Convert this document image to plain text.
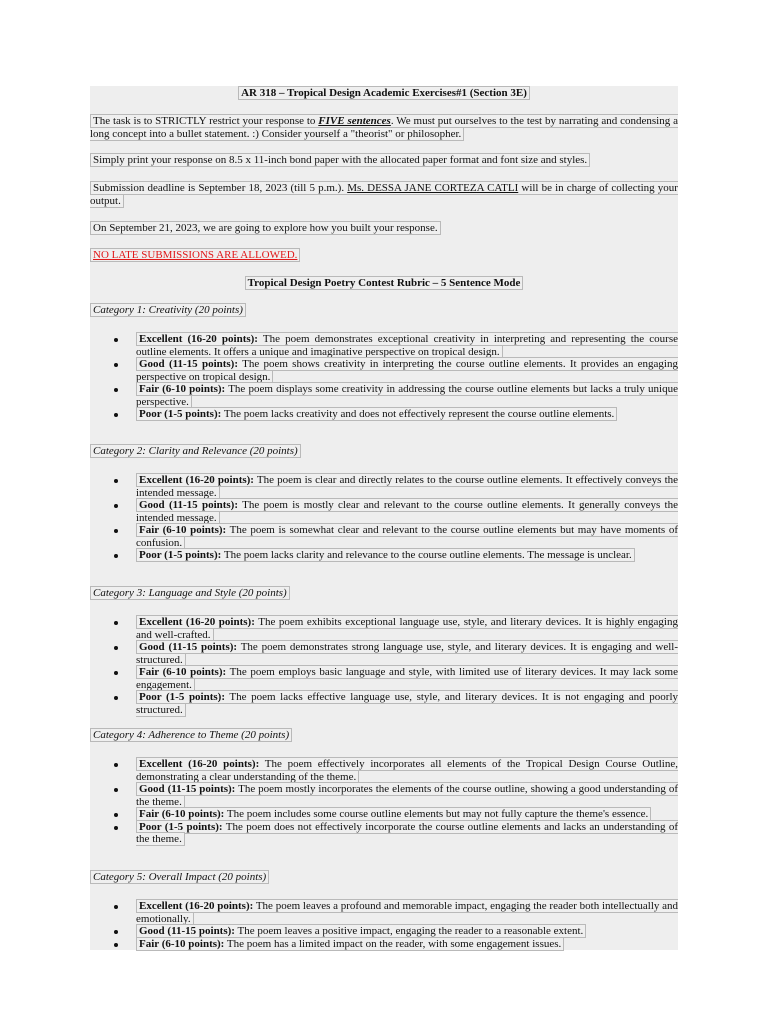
AR 318 – Tropical Design Academic Exercises#1 (Section 3E)

The task is to STRICTLY restrict your response to FIVE sentences. We must put ourselves to the test by narrating and condensing a long concept into a bullet statement. :) Consider yourself a "theorist" or philosopher.

Simply print your response on 8.5 x 11-inch bond paper with the allocated paper format and font size and styles.

Submission deadline is September 18, 2023 (till 5 p.m.). Ms. DESSA JANE CORTEZA CATLI will be in charge of collecting your output.

On September 21, 2023, we are going to explore how you built your response.

NO LATE SUBMISSIONS ARE ALLOWED.

Tropical Design Poetry Contest Rubric – 5 Sentence Mode

Category 1: Creativity (20 points)

Excellent (16-20 points): The poem demonstrates exceptional creativity in interpreting and representing the course outline elements. It offers a unique and imaginative perspective on tropical design.
Good (11-15 points): The poem shows creativity in interpreting the course outline elements. It provides an engaging perspective on tropical design.
Fair (6-10 points): The poem displays some creativity in addressing the course outline elements but lacks a truly unique perspective.
Poor (1-5 points): The poem lacks creativity and does not effectively represent the course outline elements.

Category 2: Clarity and Relevance (20 points)

Excellent (16-20 points): The poem is clear and directly relates to the course outline elements. It effectively conveys the intended message.
Good (11-15 points): The poem is mostly clear and relevant to the course outline elements. It generally conveys the intended message.
Fair (6-10 points): The poem is somewhat clear and relevant to the course outline elements but may have moments of confusion.
Poor (1-5 points): The poem lacks clarity and relevance to the course outline elements. The message is unclear.

Category 3: Language and Style (20 points)

Excellent (16-20 points): The poem exhibits exceptional language use, style, and literary devices. It is highly engaging and well-crafted.
Good (11-15 points): The poem demonstrates strong language use, style, and literary devices. It is engaging and well-structured.
Fair (6-10 points): The poem employs basic language and style, with limited use of literary devices. It may lack some engagement.
Poor (1-5 points): The poem lacks effective language use, style, and literary devices. It is not engaging and poorly structured.

Category 4: Adherence to Theme (20 points)

Excellent (16-20 points): The poem effectively incorporates all elements of the Tropical Design Course Outline, demonstrating a clear understanding of the theme.
Good (11-15 points): The poem mostly incorporates the elements of the course outline, showing a good understanding of the theme.
Fair (6-10 points): The poem includes some course outline elements but may not fully capture the theme's essence.
Poor (1-5 points): The poem does not effectively incorporate the course outline elements and lacks an understanding of the theme.

Category 5: Overall Impact (20 points)

Excellent (16-20 points): The poem leaves a profound and memorable impact, engaging the reader both intellectually and emotionally.
Good (11-15 points): The poem leaves a positive impact, engaging the reader to a reasonable extent.
Fair (6-10 points): The poem has a limited impact on the reader, with some engagement issues.
